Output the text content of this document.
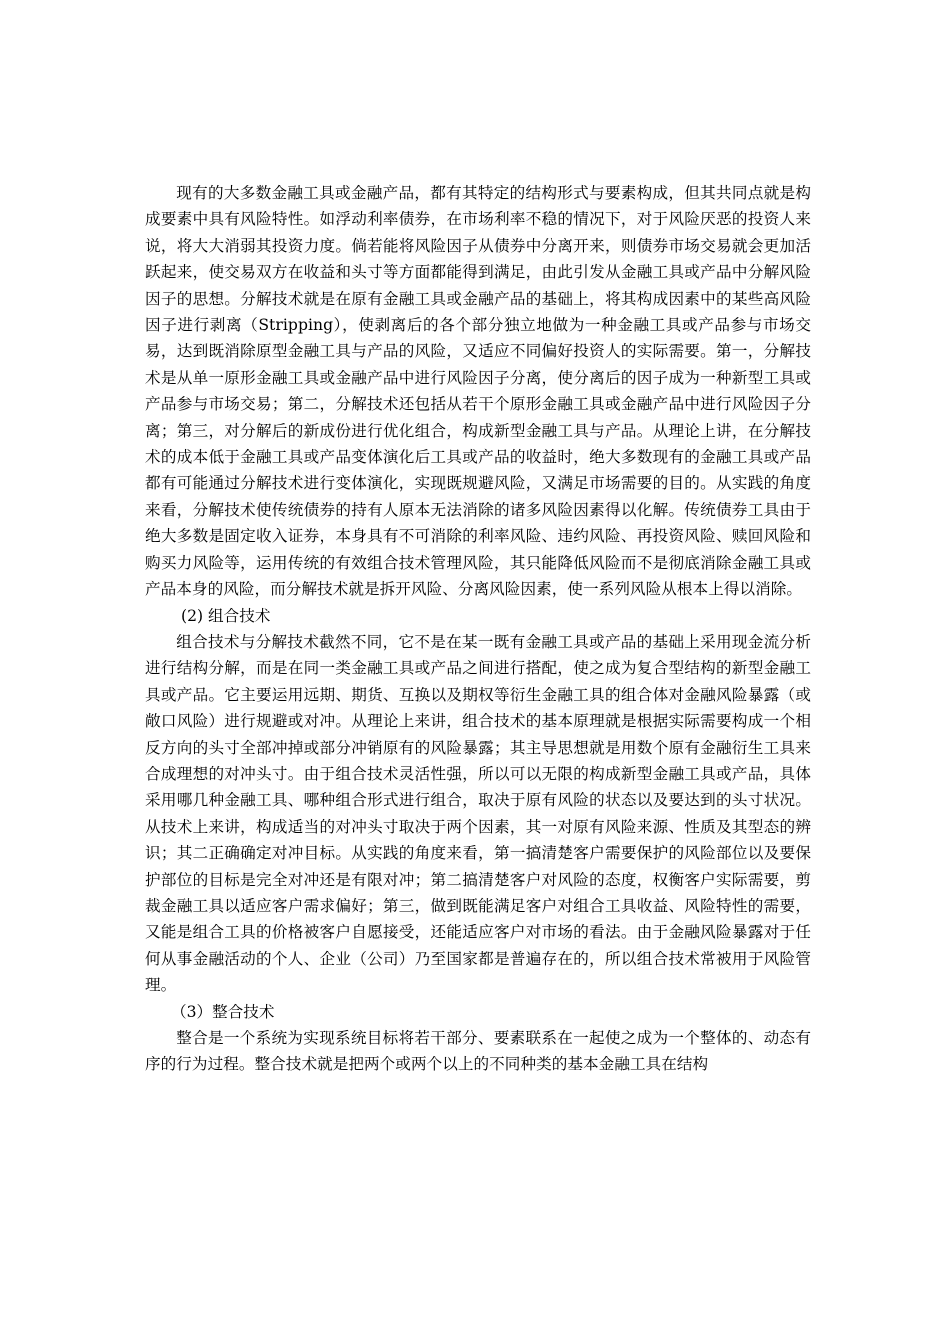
现有的大多数金融工具或金融产品，都有其特定的结构形式与要素构成，但其共同点就是构成要素中具有风险特性。如浮动利率债券，在市场利率不稳的情况下，对于风险厌恶的投资人来说，将大大消弱其投资力度。倘若能将风险因子从债券中分离开来，则债券市场交易就会更加活跃起来，使交易双方在收益和头寸等方面都能得到满足，由此引发从金融工具或产品中分解风险因子的思想。分解技术就是在原有金融工具或金融产品的基础上，将其构成因素中的某些高风险因子进行剥离（Stripping），使剥离后的各个部分独立地做为一种金融工具或产品参与市场交易，达到既消除原型金融工具与产品的风险，又适应不同偏好投资人的实际需要。第一，分解技术是从单一原形金融工具或金融产品中进行风险因子分离，使分离后的因子成为一种新型工具或产品参与市场交易；第二，分解技术还包括从若干个原形金融工具或金融产品中进行风险因子分离；第三，对分解后的新成份进行优化组合，构成新型金融工具与产品。从理论上讲，在分解技术的成本低于金融工具或产品变体演化后工具或产品的收益时，绝大多数现有的金融工具或产品都有可能通过分解技术进行变体演化，实现既规避风险，又满足市场需要的目的。从实践的角度来看，分解技术使传统债券的持有人原本无法消除的诸多风险因素得以化解。传统债券工具由于绝大多数是固定收入证券，本身具有不可消除的利率风险、违约风险、再投资风险、赎回风险和购买力风险等，运用传统的有效组合技术管理风险，其只能降低风险而不是彻底消除金融工具或产品本身的风险，而分解技术就是拆开风险、分离风险因素，使一系列风险从根本上得以消除。

(2) 组合技术

组合技术与分解技术截然不同，它不是在某一既有金融工具或产品的基础上采用现金流分析进行结构分解，而是在同一类金融工具或产品之间进行搭配，使之成为复合型结构的新型金融工具或产品。它主要运用远期、期货、互换以及期权等衍生金融工具的组合体对金融风险暴露（或敞口风险）进行规避或对冲。从理论上来讲，组合技术的基本原理就是根据实际需要构成一个相反方向的头寸全部冲掉或部分冲销原有的风险暴露；其主导思想就是用数个原有金融衍生工具来合成理想的对冲头寸。由于组合技术灵活性强，所以可以无限的构成新型金融工具或产品，具体采用哪几种金融工具、哪种组合形式进行组合，取决于原有风险的状态以及要达到的头寸状况。从技术上来讲，构成适当的对冲头寸取决于两个因素，其一对原有风险来源、性质及其型态的辨识；其二正确确定对冲目标。从实践的角度来看，第一搞清楚客户需要保护的风险部位以及要保护部位的目标是完全对冲还是有限对冲；第二搞清楚客户对风险的态度，权衡客户实际需要，剪裁金融工具以适应客户需求偏好；第三，做到既能满足客户对组合工具收益、风险特性的需要，又能是组合工具的价格被客户自愿接受，还能适应客户对市场的看法。由于金融风险暴露对于任何从事金融活动的个人、企业（公司）乃至国家都是普遍存在的，所以组合技术常被用于风险管理。

（3）整合技术

整合是一个系统为实现系统目标将若干部分、要素联系在一起使之成为一个整体的、动态有序的行为过程。整合技术就是把两个或两个以上的不同种类的基本金融工具在结构
